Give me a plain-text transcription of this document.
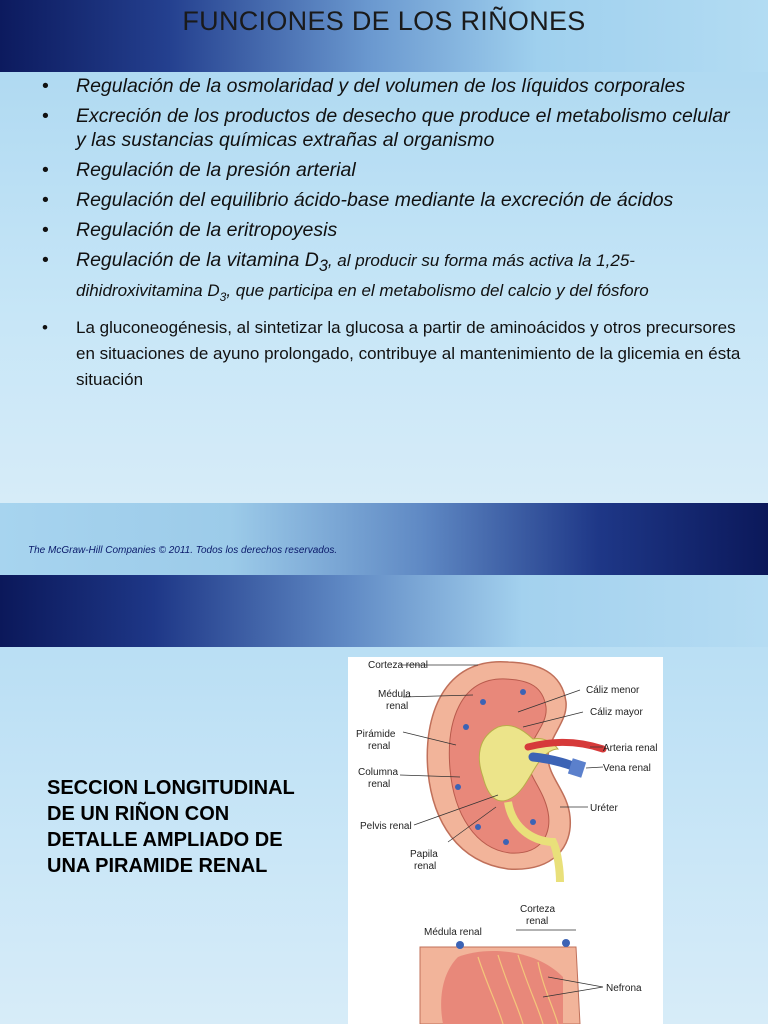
FUNCIONES DE LOS RIÑONES
• Regulación de la osmolaridad y del volumen de los líquidos corporales
• Excreción de los productos de desecho que produce el metabolismo celular y las sustancias químicas extrañas al organismo
• Regulación de la presión arterial
• Regulación del equilibrio ácido-base mediante la excreción de ácidos
• Regulación de la eritropoyesis
• Regulación de la vitamina $D_3$, al producir su forma más activa la 1,25-dihidroxivitamina $D_3$, que participa en el metabolismo del calcio y del fósforo
• La gluconeogénesis, al sintetizar la glucosa a partir de aminoácidos y otros precursores en situaciones de ayuno prolongado, contribuye al mantenimiento de la glicemia en ésta situación
The McGraw-Hill Companies © 2011. Todos los derechos reservados.
SECCION LONGITUDINAL DE UN RIÑON CON DETALLE AMPLIADO DE UNA PIRAMIDE RENAL
Corteza renal
Médula
renal
Pirámide
renal
Columna
renal
Pelvis renal
Papila
renal
Cáliz menor
Cáliz mayor
Arteria renal
Vena renal
Uréter
Corteza
renal
Médula renal
Nefrona
